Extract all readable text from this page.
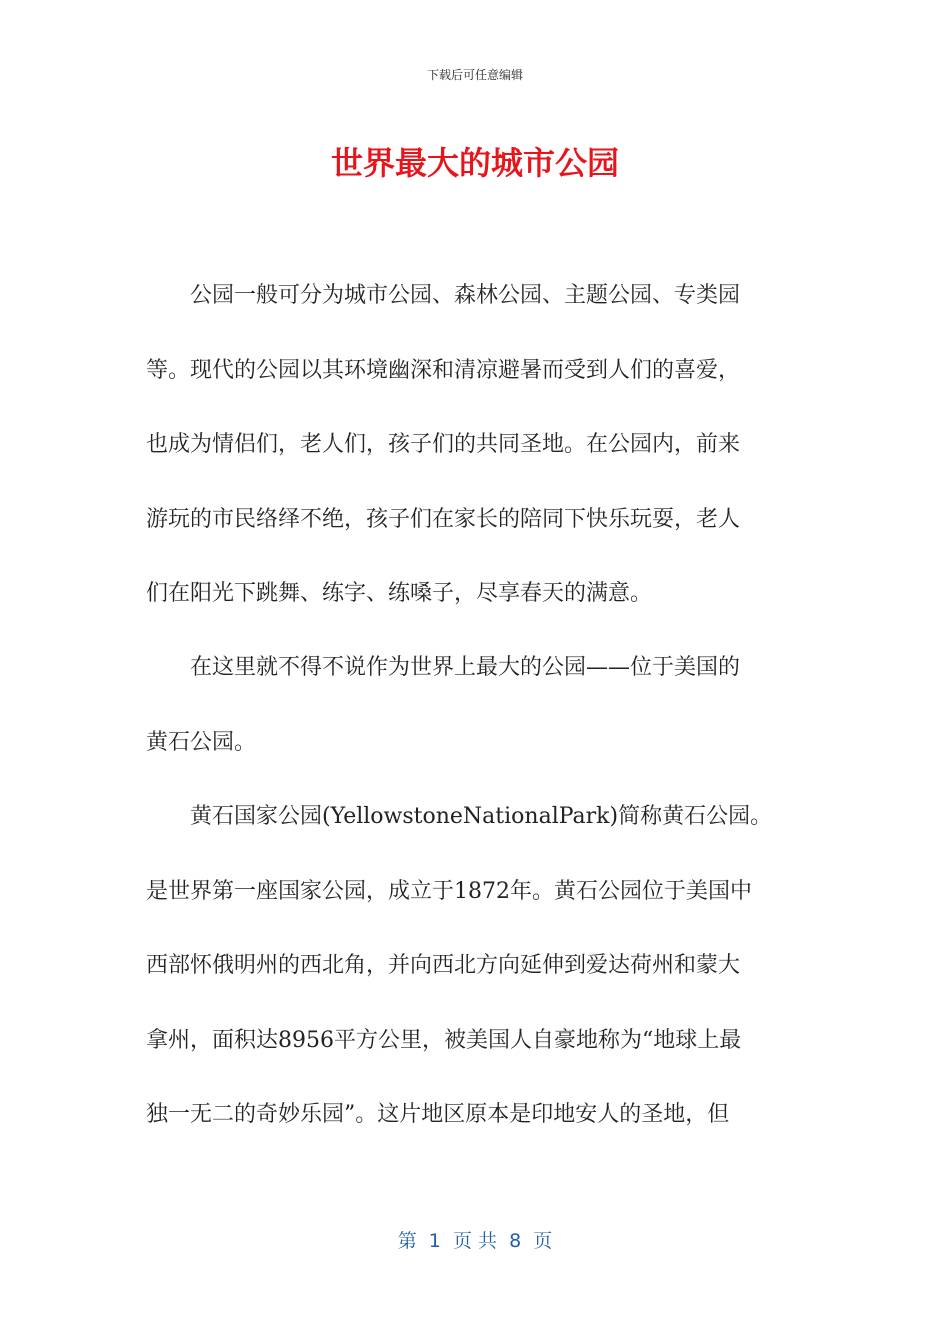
下载后可任意编辑
世界最大的城市公园

　　公园一般可分为城市公园、森林公园、主题公园、专类园
等。现代的公园以其环境幽深和清凉避暑而受到人们的喜爱，
也成为情侣们，老人们，孩子们的共同圣地。在公园内，前来
游玩的市民络绎不绝，孩子们在家长的陪同下快乐玩耍，老人
们在阳光下跳舞、练字、练嗓子，尽享春天的满意。

　　在这里就不得不说作为世界上最大的公园——位于美国的
黄石公园。

　　黄石国家公园(YellowstoneNationalPark)简称黄石公园。
是世界第一座国家公园，成立于1872年。黄石公园位于美国中
西部怀俄明州的西北角，并向西北方向延伸到爱达荷州和蒙大
拿州，面积达8956平方公里，被美国人自豪地称为“地球上最
独一无二的奇妙乐园”。这片地区原本是印地安人的圣地，但

第  1  页 共  8  页
